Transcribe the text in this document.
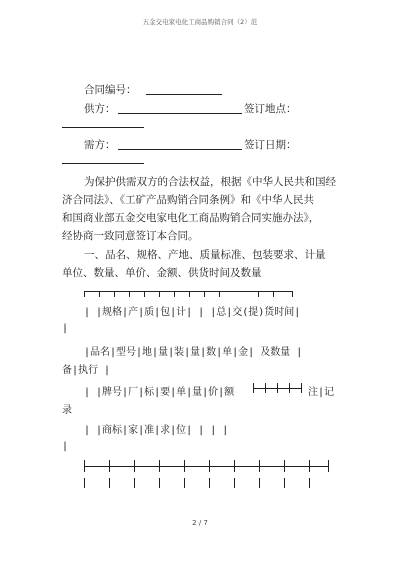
五金交电家电化工商品购销合同（2）范
合同编号：
供方：	签订地点：
需方：	签订日期：
为保护供需双方的合法权益，根据《中华人民共和国经
济合同法》、《工矿产品购销合同条例》和《中华人民共
和国商业部五金交电家电化工商品购销合同实施办法》，
经协商一致同意签订本合同。
一、品名、规格、产地、质量标准、包装要求、计量
单位、数量、单价、金额、供货时间及数量
| |规格|产|质|包|计| | |总|交(提)货时间|
|
|品名|型号|地|量|装|量|数|单|金| 及数量 |
备|执行 |
| |牌号|厂|标|要|单|量|价|额	注|记
录
| |商标|家|准|求|位| | | |
|
2 / 7
